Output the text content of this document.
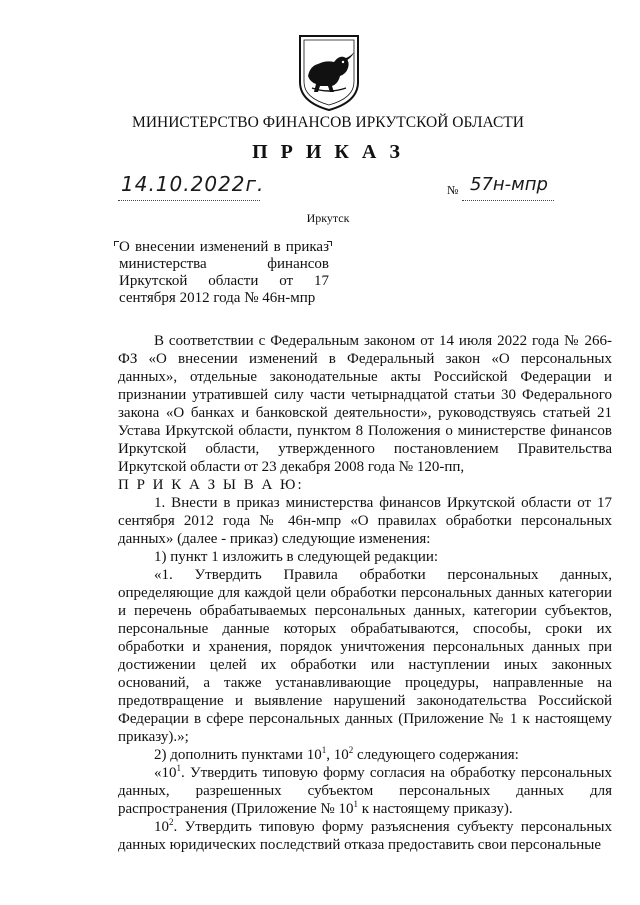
МИНИСТЕРСТВО ФИНАНСОВ ИРКУТСКОЙ ОБЛАСТИ
П Р И К А З
14.10.2022г.	№ 57н-мпр
Иркутск
О внесении изменений в приказ министерства финансов Иркутской области от 17 сентября 2012 года № 46н-мпр

В соответствии с Федеральным законом от 14 июля 2022 года № 266-ФЗ «О внесении изменений в Федеральный закон «О персональных данных», отдельные законодательные акты Российской Федерации и признании утратившей силу части четырнадцатой статьи 30 Федерального закона «О банках и банковской деятельности», руководствуясь статьей 21 Устава Иркутской области, пунктом 8 Положения о министерстве финансов Иркутской области, утвержденного постановлением Правительства Иркутской области от 23 декабря 2008 года № 120-пп,

П Р И К А З Ы В А Ю:

1. Внести в приказ министерства финансов Иркутской области от 17 сентября 2012 года № 46н-мпр «О правилах обработки персональных данных» (далее - приказ) следующие изменения:

1) пункт 1 изложить в следующей редакции:

«1. Утвердить Правила обработки персональных данных, определяющие для каждой цели обработки персональных данных категории и перечень обрабатываемых персональных данных, категории субъектов, персональные данные которых обрабатываются, способы, сроки их обработки и хранения, порядок уничтожения персональных данных при достижении целей их обработки или наступлении иных законных оснований, а также устанавливающие процедуры, направленные на предотвращение и выявление нарушений законодательства Российской Федерации в сфере персональных данных (Приложение № 1 к настоящему приказу).»;

2) дополнить пунктами $10^1$, $10^2$ следующего содержания:

«$10^1$. Утвердить типовую форму согласия на обработку персональных данных, разрешенных субъектом персональных данных для распространения (Приложение № $10^1$ к настоящему приказу).

$10^2$. Утвердить типовую форму разъяснения субъекту персональных данных юридических последствий отказа предоставить свои персональные
